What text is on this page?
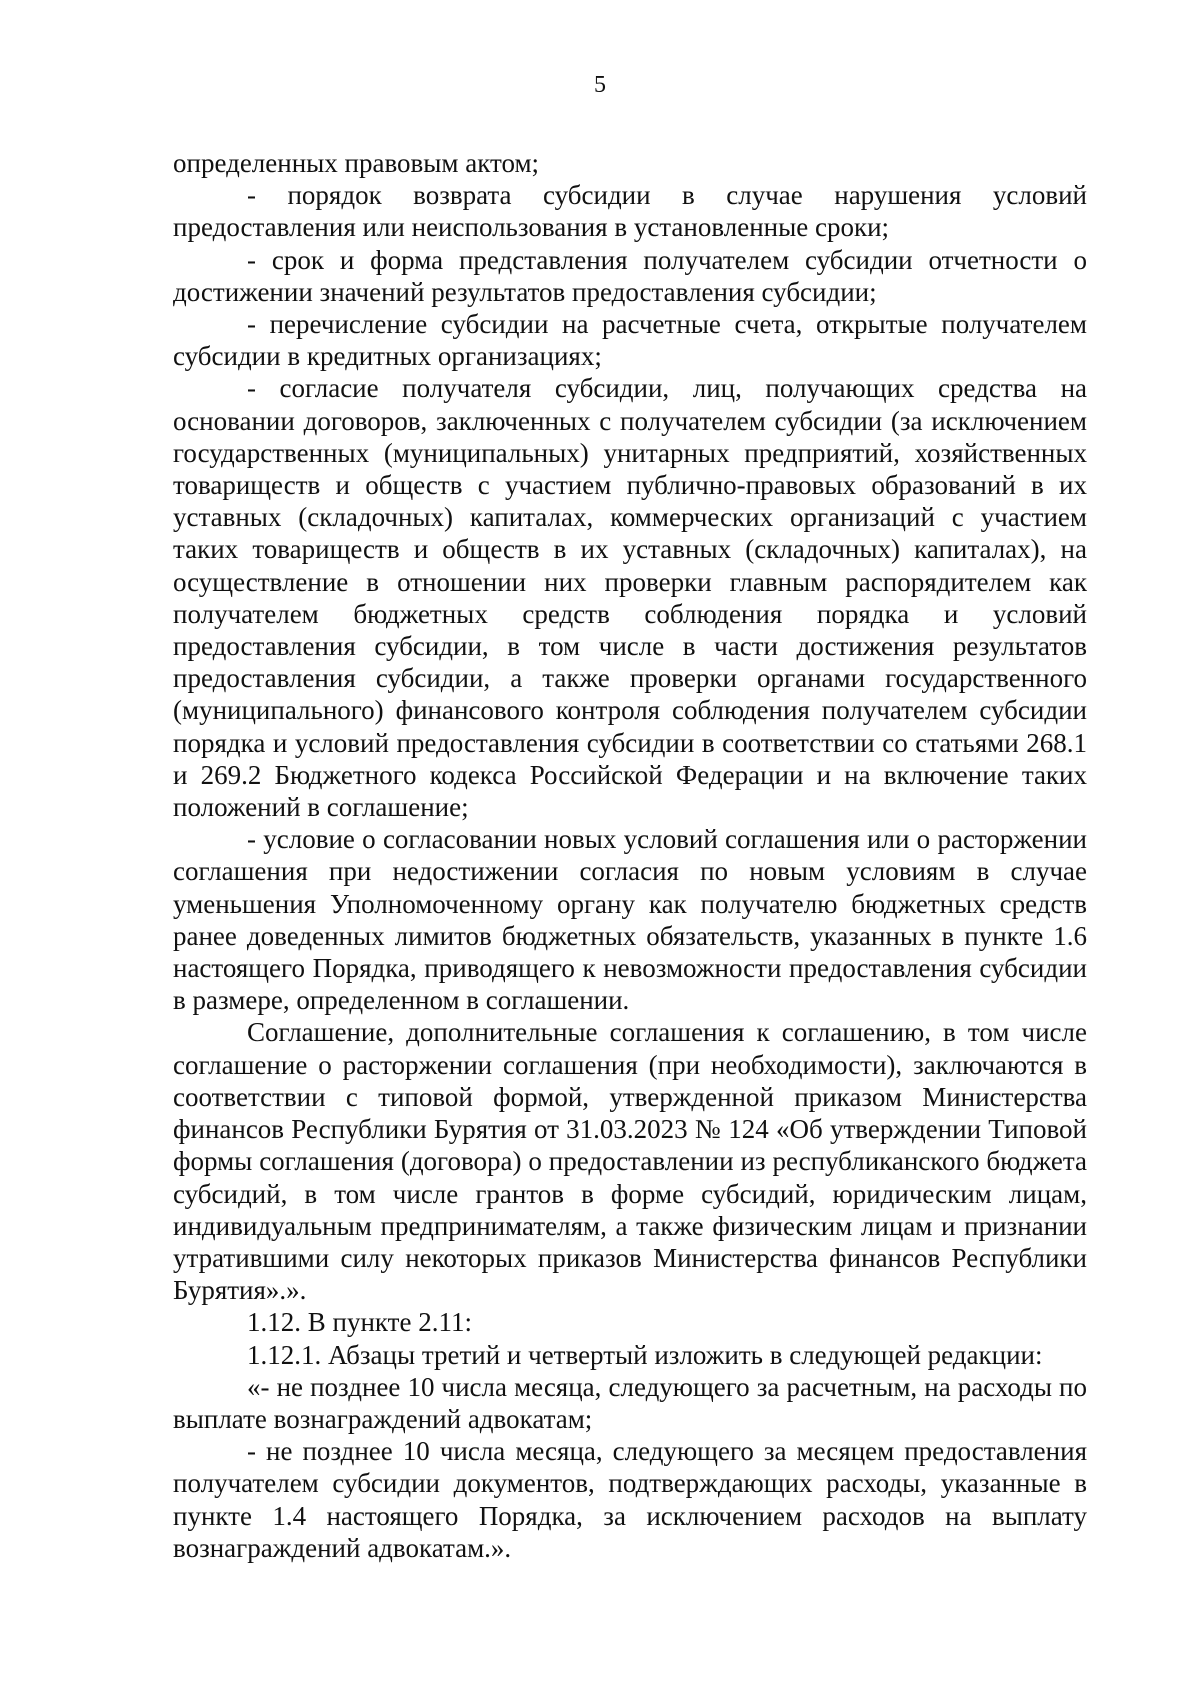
5

определенных правовым актом;

- порядок возврата субсидии в случае нарушения условий предоставления или неиспользования в установленные сроки;

- срок и форма представления получателем субсидии отчетности о достижении значений результатов предоставления субсидии;

- перечисление субсидии на расчетные счета, открытые получателем субсидии в кредитных организациях;

- согласие получателя субсидии, лиц, получающих средства на основании договоров, заключенных с получателем субсидии (за исключением государственных (муниципальных) унитарных предприятий, хозяйственных товариществ и обществ с участием публично-правовых образований в их уставных (складочных) капиталах, коммерческих организаций с участием таких товариществ и обществ в их уставных (складочных) капиталах), на осуществление в отношении них проверки главным распорядителем как получателем бюджетных средств соблюдения порядка и условий предоставления субсидии, в том числе в части достижения результатов предоставления субсидии, а также проверки органами государственного (муниципального) финансового контроля соблюдения получателем субсидии порядка и условий предоставления субсидии в соответствии со статьями 268.1 и 269.2 Бюджетного кодекса Российской Федерации и на включение таких положений в соглашение;

- условие о согласовании новых условий соглашения или о расторжении соглашения при недостижении согласия по новым условиям в случае уменьшения Уполномоченному органу как получателю бюджетных средств ранее доведенных лимитов бюджетных обязательств, указанных в пункте 1.6 настоящего Порядка, приводящего к невозможности предоставления субсидии в размере, определенном в соглашении.

Соглашение, дополнительные соглашения к соглашению, в том числе соглашение о расторжении соглашения (при необходимости), заключаются в соответствии с типовой формой, утвержденной приказом Министерства финансов Республики Бурятия от 31.03.2023 № 124 «Об утверждении Типовой формы соглашения (договора) о предоставлении из республиканского бюджета субсидий, в том числе грантов в форме субсидий, юридическим лицам, индивидуальным предпринимателям, а также физическим лицам и признании утратившими силу некоторых приказов Министерства финансов Республики Бурятия».».

1.12. В пункте 2.11:

1.12.1. Абзацы третий и четвертый изложить в следующей редакции:

«- не позднее 10 числа месяца, следующего за расчетным, на расходы по выплате вознаграждений адвокатам;

- не позднее 10 числа месяца, следующего за месяцем предоставления получателем субсидии документов, подтверждающих расходы, указанные в пункте 1.4 настоящего Порядка, за исключением расходов на выплату вознаграждений адвокатам.».
